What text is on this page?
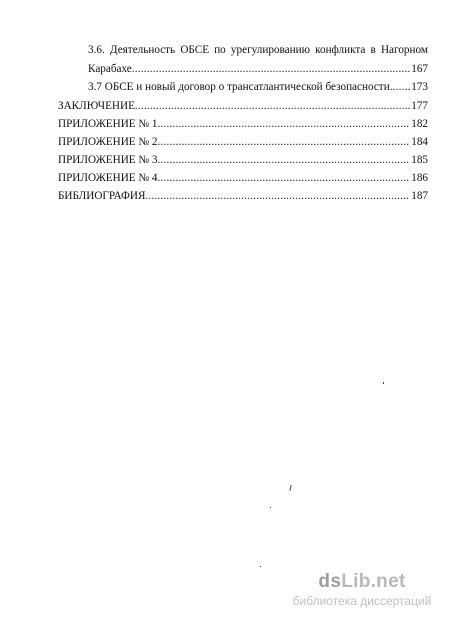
3.6. Деятельность ОБСЕ по урегулированию конфликта в Нагорном
Карабахе .....	167
3.7 ОБСЕ и новый договор о трансатлантической безопасности ..... 173
ЗАКЛЮЧЕНИЕ .....	177
ПРИЛОЖЕНИЕ № 1 .....	182
ПРИЛОЖЕНИЕ № 2 .....	184
ПРИЛОЖЕНИЕ № 3 .....	185
ПРИЛОЖЕНИЕ № 4 .....	186
БИБЛИОГРАФИЯ .....	187
dsLib.net
библиотека диссертаций
